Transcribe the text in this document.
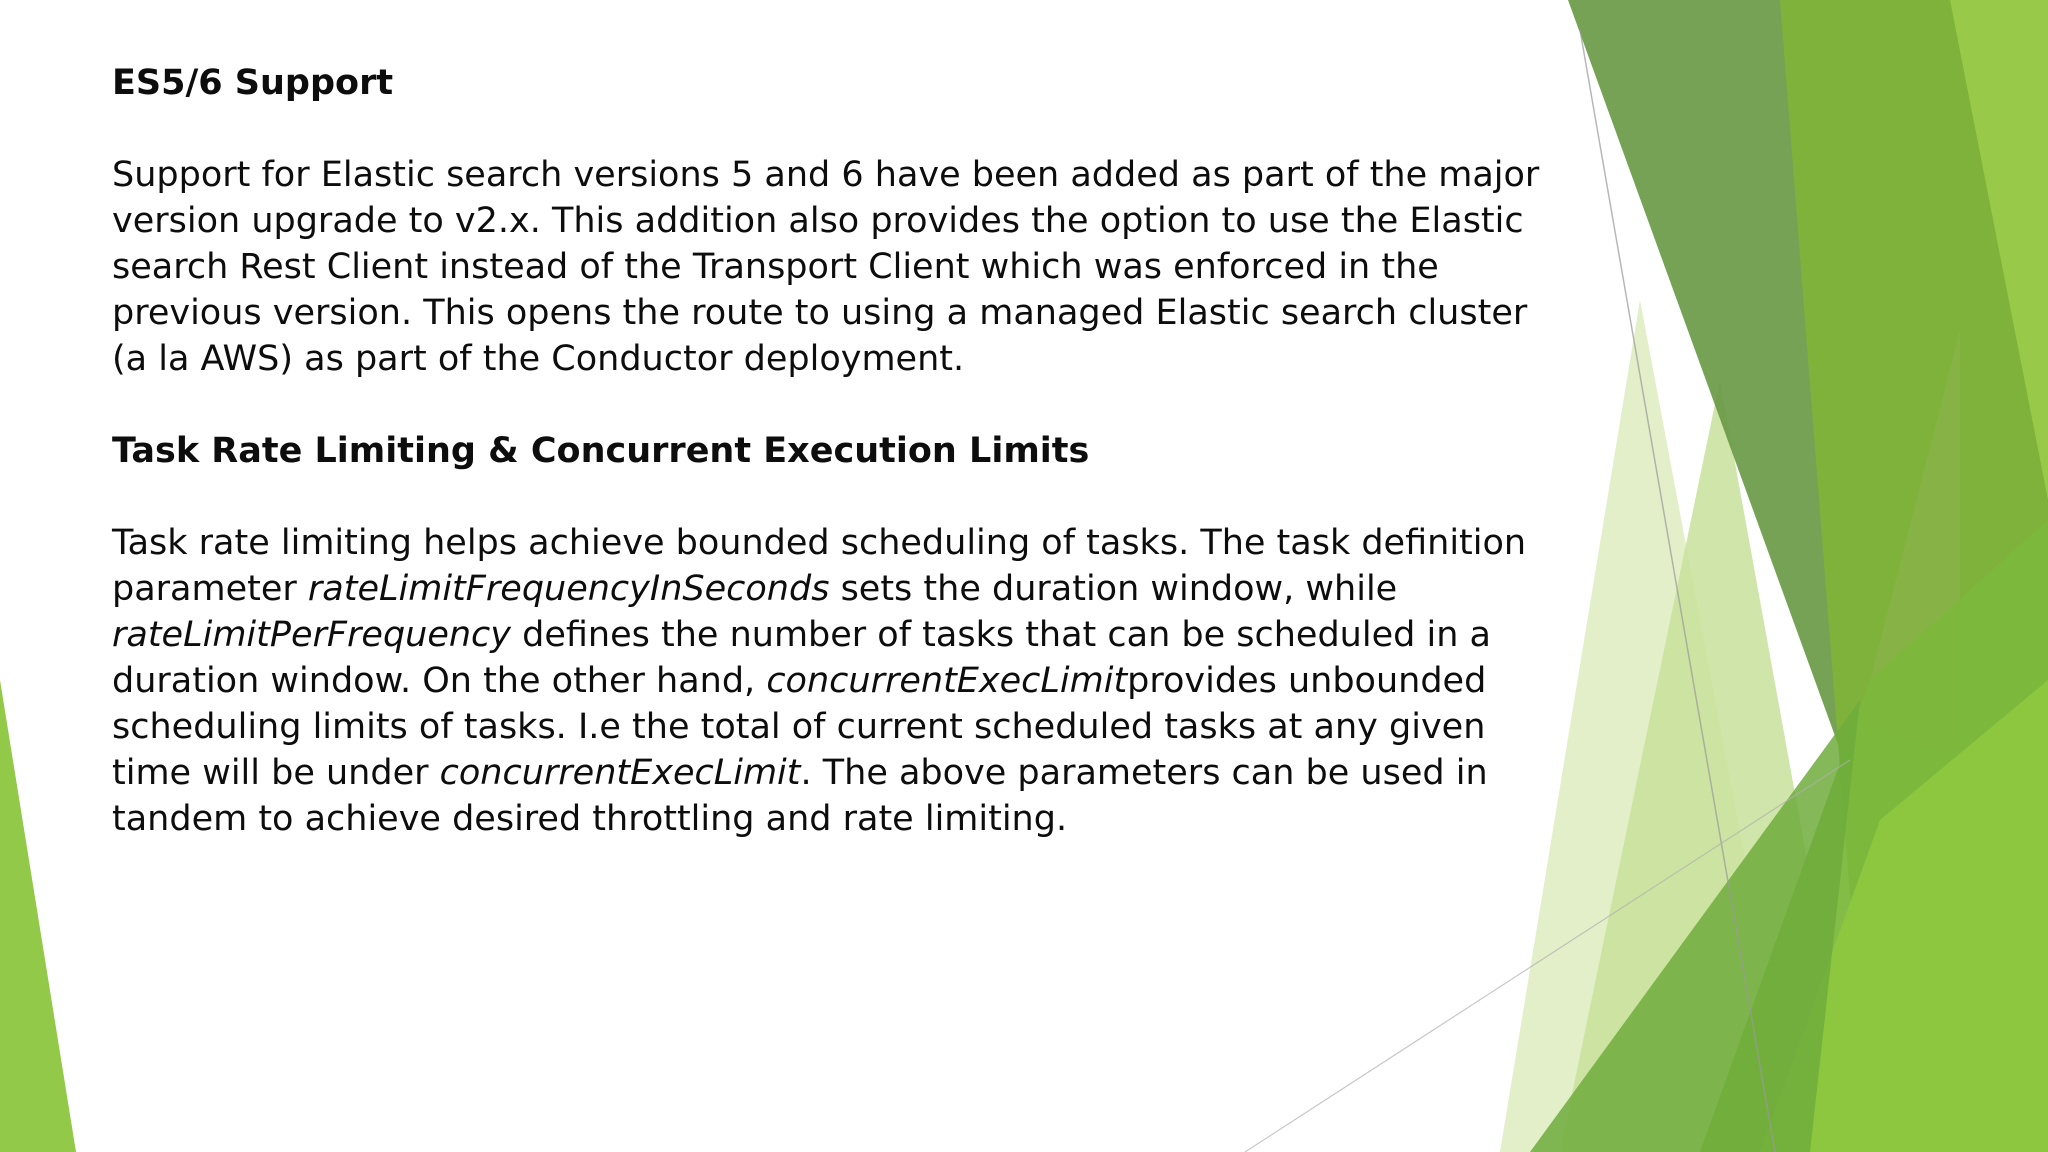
ES5/6 Support

Support for Elastic search versions 5 and 6 have been added as part of the major version upgrade to v2.x. This addition also provides the option to use the Elastic search Rest Client instead of the Transport Client which was enforced in the previous version. This opens the route to using a managed Elastic search cluster (a la AWS) as part of the Conductor deployment.

Task Rate Limiting & Concurrent Execution Limits

Task rate limiting helps achieve bounded scheduling of tasks. The task definition parameter rateLimitFrequencyInSeconds sets the duration window, while rateLimitPerFrequency defines the number of tasks that can be scheduled in a duration window. On the other hand, concurrentExecLimitprovides unbounded scheduling limits of tasks. I.e the total of current scheduled tasks at any given time will be under concurrentExecLimit. The above parameters can be used in tandem to achieve desired throttling and rate limiting.
